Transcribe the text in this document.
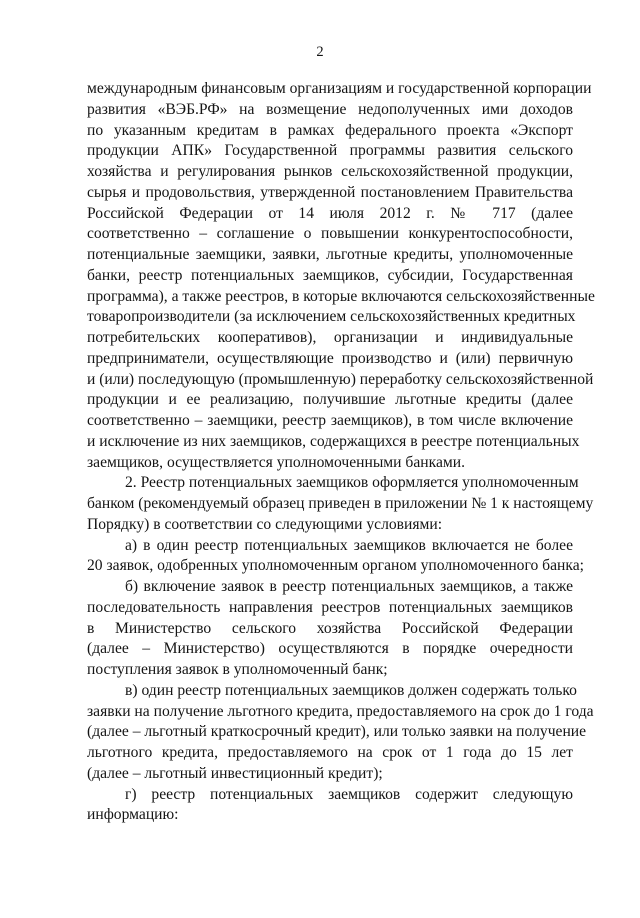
2
международным финансовым организациям и государственной корпорации
развития «ВЭБ.РФ» на возмещение недополученных ими доходов
по указанным кредитам в рамках федерального проекта «Экспорт
продукции АПК» Государственной программы развития сельского
хозяйства и регулирования рынков сельскохозяйственной продукции,
сырья и продовольствия, утвержденной постановлением Правительства
Российской Федерации от 14 июля 2012 г. № 717 (далее
соответственно – соглашение о повышении конкурентоспособности,
потенциальные заемщики, заявки, льготные кредиты, уполномоченные
банки, реестр потенциальных заемщиков, субсидии, Государственная
программа), а также реестров, в которые включаются сельскохозяйственные
товаропроизводители (за исключением сельскохозяйственных кредитных
потребительских кооперативов), организации и индивидуальные
предприниматели, осуществляющие производство и (или) первичную
и (или) последующую (промышленную) переработку сельскохозяйственной
продукции и ее реализацию, получившие льготные кредиты (далее
соответственно – заемщики, реестр заемщиков), в том числе включение
и исключение из них заемщиков, содержащихся в реестре потенциальных
заемщиков, осуществляется уполномоченными банками.
2. Реестр потенциальных заемщиков оформляется уполномоченным
банком (рекомендуемый образец приведен в приложении № 1 к настоящему
Порядку) в соответствии со следующими условиями:
а) в один реестр потенциальных заемщиков включается не более
20 заявок, одобренных уполномоченным органом уполномоченного банка;
б) включение заявок в реестр потенциальных заемщиков, а также
последовательность направления реестров потенциальных заемщиков
в Министерство сельского хозяйства Российской Федерации
(далее – Министерство) осуществляются в порядке очередности
поступления заявок в уполномоченный банк;
в) один реестр потенциальных заемщиков должен содержать только
заявки на получение льготного кредита, предоставляемого на срок до 1 года
(далее – льготный краткосрочный кредит), или только заявки на получение
льготного кредита, предоставляемого на срок от 1 года до 15 лет
(далее – льготный инвестиционный кредит);
г) реестр потенциальных заемщиков содержит следующую
информацию:
